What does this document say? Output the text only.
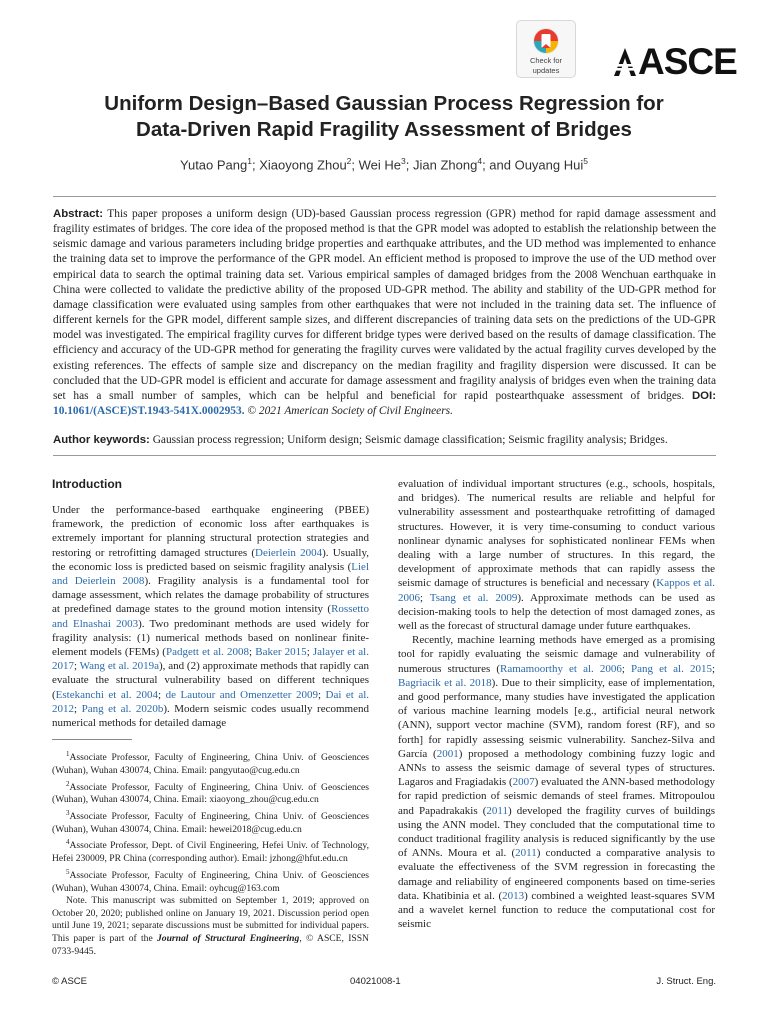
Check for
updates	ASCE
Uniform Design–Based Gaussian Process Regression for
Data-Driven Rapid Fragility Assessment of Bridges
Yutao Pang$^1$; Xiaoyong Zhou$^2$; Wei He$^3$; Jian Zhong$^4$; and Ouyang Hui$^5$
Abstract: This paper proposes a uniform design (UD)-based Gaussian process regression (GPR) method for rapid damage assessment and fragility estimates of bridges. The core idea of the proposed method is that the GPR model was adopted to establish the relationship between the seismic damage and various parameters including bridge properties and earthquake attributes, and the UD method was implemented to enhance the training data set to improve the performance of the GPR model. An efficient method is proposed to improve the use of the UD method over empirical data to search the optimal training data set. Various empirical samples of damaged bridges from the 2008 Wenchuan earthquake in China were collected to validate the predictive ability of the proposed UD-GPR method. The ability and stability of the UD-GPR method for damage classification were evaluated using samples from other earthquakes that were not included in the training data set. The influence of different kernels for the GPR model, different sample sizes, and different discrepancies of training data sets on the predictions of the UD-GPR model was investigated. The empirical fragility curves for different bridge types were derived based on the results of damage classification. The efficiency and accuracy of the UD-GPR method for generating the fragility curves were validated by the actual fragility curves developed by the existing references. The effects of sample size and discrepancy on the median fragility and fragility dispersion were discussed. It can be concluded that the UD-GPR model is efficient and accurate for damage assessment and fragility analysis of bridges even when the training data set has a small number of samples, which can be helpful and beneficial for rapid postearthquake assessment of bridges. DOI: 10.1061/(ASCE)ST.1943-541X.0002953. © 2021 American Society of Civil Engineers.
Author keywords: Gaussian process regression; Uniform design; Seismic damage classification; Seismic fragility analysis; Bridges.
Introduction

Under the performance-based earthquake engineering (PBEE) framework, the prediction of economic loss after earthquakes is extremely important for planning structural protection strategies and restoring or retrofitting damaged structures (Deierlein 2004). Usually, the economic loss is predicted based on seismic fragility analysis (Liel and Deierlein 2008). Fragility analysis is a fundamental tool for damage assessment, which relates the damage probability of structures at predefined damage states to the ground motion intensity (Rossetto and Elnashai 2003). Two predominant methods are used widely for fragility analysis: (1) numerical methods based on nonlinear finite-element models (FEMs) (Padgett et al. 2008; Baker 2015; Jalayer et al. 2017; Wang et al. 2019a), and (2) approximate methods that rapidly can evaluate the structural vulnerability based on different techniques (Estekanchi et al. 2004; de Lautour and Omenzetter 2009; Dai et al. 2012; Pang et al. 2020b). Modern seismic codes usually recommend numerical methods for detailed damage

$^1$Associate Professor, Faculty of Engineering, China Univ. of Geosciences (Wuhan), Wuhan 430074, China. Email: pangyutao@cug.edu.cn

$^2$Associate Professor, Faculty of Engineering, China Univ. of Geosciences (Wuhan), Wuhan 430074, China. Email: xiaoyong_zhou@cug.edu.cn

$^3$Associate Professor, Faculty of Engineering, China Univ. of Geosciences (Wuhan), Wuhan 430074, China. Email: hewei2018@cug.edu.cn

$^4$Associate Professor, Dept. of Civil Engineering, Hefei Univ. of Technology, Hefei 230009, PR China (corresponding author). Email: jzhong@hfut.edu.cn

$^5$Associate Professor, Faculty of Engineering, China Univ. of Geosciences (Wuhan), Wuhan 430074, China. Email: oyhcug@163.com

Note. This manuscript was submitted on September 1, 2019; approved on October 20, 2020; published online on January 19, 2021. Discussion period open until June 19, 2021; separate discussions must be submitted for individual papers. This paper is part of the Journal of Structural Engineering, © ASCE, ISSN 0733-9445.

evaluation of individual important structures (e.g., schools, hospitals, and bridges). The numerical results are reliable and helpful for vulnerability assessment and postearthquake retrofitting of damaged structures. However, it is very time-consuming to conduct various nonlinear dynamic analyses for sophisticated nonlinear FEMs when dealing with a large number of structures. In this regard, the development of approximate methods that can rapidly assess the seismic damage of structures is beneficial and necessary (Kappos et al. 2006; Tsang et al. 2009). Approximate methods can be used as decision-making tools to help the detection of most damaged zones, as well as the forecast of structural damage under future earthquakes.

Recently, machine learning methods have emerged as a promising tool for rapidly evaluating the seismic damage and vulnerability of numerous structures (Ramamoorthy et al. 2006; Pang et al. 2015; Bagriacik et al. 2018). Due to their simplicity, ease of implementation, and good performance, many studies have investigated the application of various machine learning models [e.g., artificial neural network (ANN), support vector machine (SVM), random forest (RF), and so forth] for rapidly assessing seismic vulnerability. Sanchez-Silva and García (2001) proposed a methodology combining fuzzy logic and ANNs to assess the seismic damage of several types of structures. Lagaros and Fragiadakis (2007) evaluated the ANN-based methodology for rapid prediction of seismic demands of steel frames. Mitropoulou and Papadrakakis (2011) developed the fragility curves of buildings using the ANN model. They concluded that the computational time to conduct traditional fragility analysis is reduced significantly by the use of ANNs. Moura et al. (2011) conducted a comparative analysis to evaluate the effectiveness of the SVM regression in forecasting the damage and reliability of engineered components based on time-series data. Khatibinia et al. (2013) combined a weighted least-squares SVM and a wavelet kernel function to reduce the computational cost for seismic

© ASCE	04021008-1	J. Struct. Eng.
